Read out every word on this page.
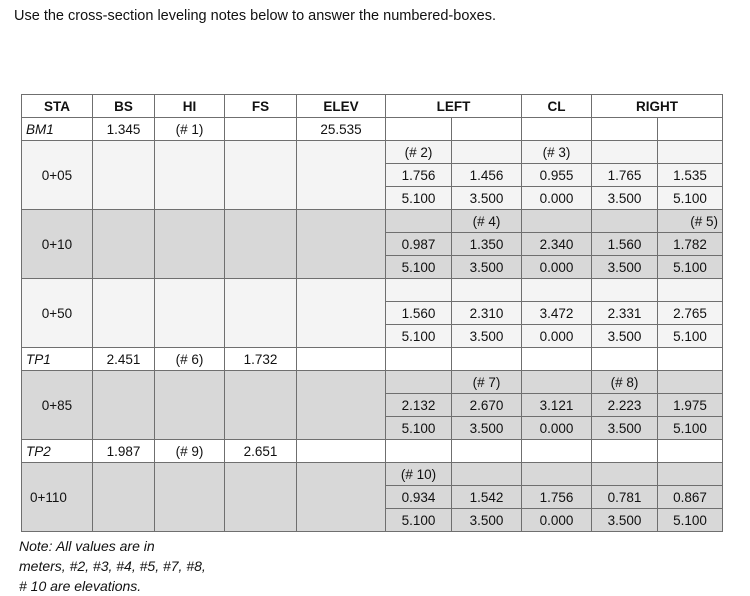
Use the cross-section leveling notes below to answer the numbered-boxes.
STA	BS	HI	FS	ELEV	LEFT		CL	RIGHT	
BM1	1.345	(# 1)		25.535					
0+05					(# 2)		(# 3)		
					1.756	1.456	0.955	1.765	1.535
					5.100	3.500	0.000	3.500	5.100
0+10						(# 4)			(# 5)
					0.987	1.350	2.340	1.560	1.782
					5.100	3.500	0.000	3.500	5.100
0+50									
					1.560	2.310	3.472	2.331	2.765
					5.100	3.500	0.000	3.500	5.100
TP1	2.451	(# 6)	1.732						
0+85						(# 7)		(# 8)	
					2.132	2.670	3.121	2.223	1.975
					5.100	3.500	0.000	3.500	5.100
TP2	1.987	(# 9)	2.651						
0+110					(# 10)				
					0.934	1.542	1.756	0.781	0.867
					5.100	3.500	0.000	3.500	5.100
Note: All values are in
meters, #2, #3, #4, #5, #7, #8,
# 10 are elevations.
